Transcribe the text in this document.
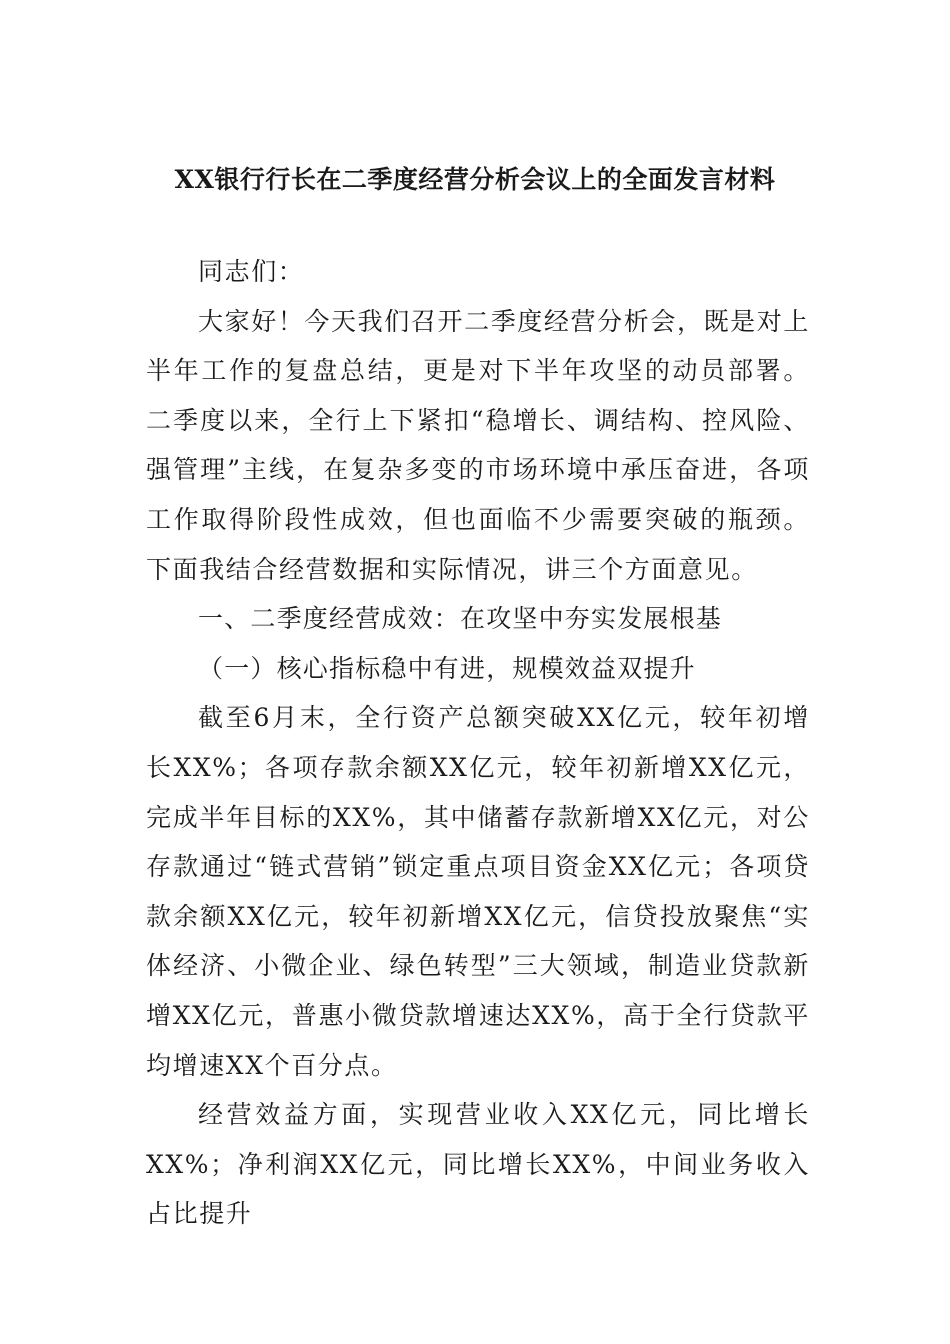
XX银行行长在二季度经营分析会议上的全面发言材料

同志们：

大家好！今天我们召开二季度经营分析会，既是对上半年工作的复盘总结，更是对下半年攻坚的动员部署。二季度以来，全行上下紧扣“稳增长、调结构、控风险、强管理”主线，在复杂多变的市场环境中承压奋进，各项工作取得阶段性成效，但也面临不少需要突破的瓶颈。下面我结合经营数据和实际情况，讲三个方面意见。

一、二季度经营成效：在攻坚中夯实发展根基

（一）核心指标稳中有进，规模效益双提升

截至6月末，全行资产总额突破XX亿元，较年初增长XX%；各项存款余额XX亿元，较年初新增XX亿元，完成半年目标的XX%，其中储蓄存款新增XX亿元，对公存款通过“链式营销”锁定重点项目资金XX亿元；各项贷款余额XX亿元，较年初新增XX亿元，信贷投放聚焦“实体经济、小微企业、绿色转型”三大领域，制造业贷款新增XX亿元，普惠小微贷款增速达XX%，高于全行贷款平均增速XX个百分点。

经营效益方面，实现营业收入XX亿元，同比增长XX%；净利润XX亿元，同比增长XX%，中间业务收入占比提升
